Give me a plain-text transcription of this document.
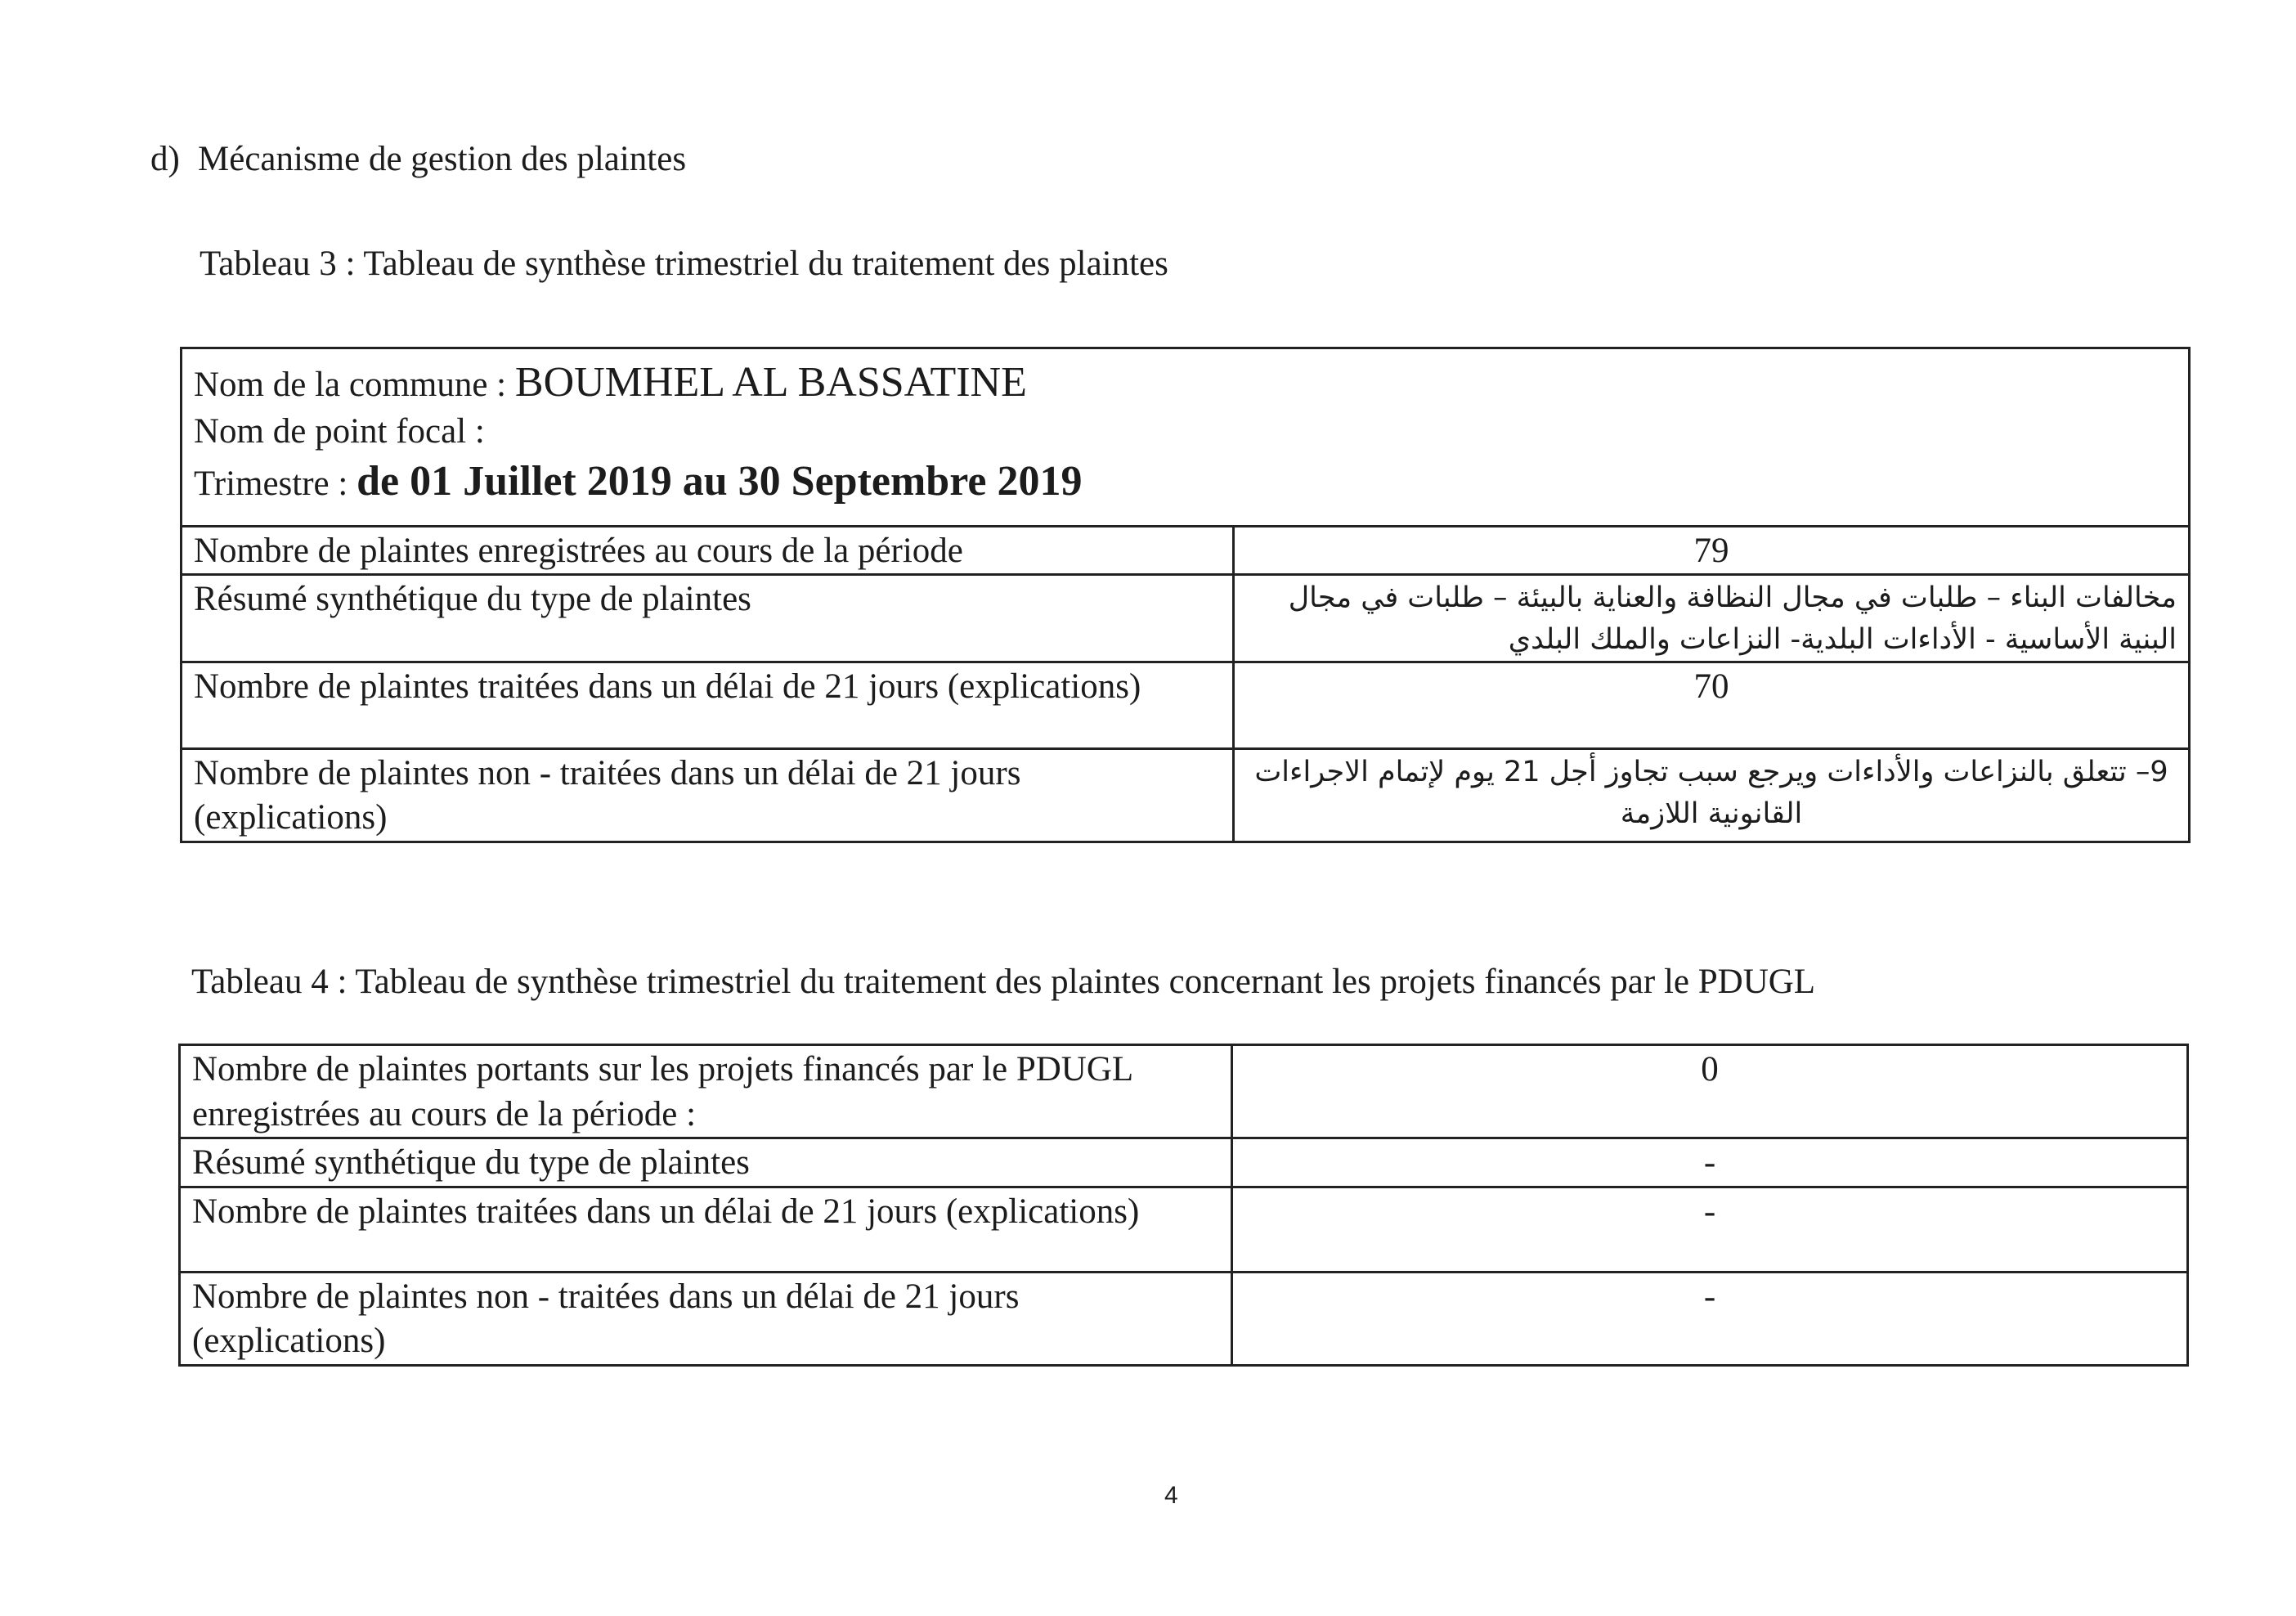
d) Mécanisme de gestion des plaintes
Tableau 3 : Tableau de synthèse trimestriel du traitement des plaintes
Nom de la commune : BOUMHEL AL BASSATINE
Nom de point focal :
Trimestre : de 01 Juillet 2019 au 30 Septembre 2019	

Nombre de plaintes enregistrées au cours de la période	79
Résumé synthétique du type de plaintes	مخالفات البناء – طلبات في مجال النظافة والعناية بالبيئة – طلبات في مجال البنية الأساسية - الأداءات البلدية- النزاعات والملك البلدي
Nombre de plaintes traitées dans un délai de 21 jours (explications)	70
Nombre de plaintes non - traitées dans un délai de 21 jours (explications)	9– تتعلق بالنزاعات والأداءات ويرجع سبب تجاوز أجل 21 يوم لإتمام الاجراءات القانونية اللازمة
Tableau 4 : Tableau de synthèse trimestriel du traitement des plaintes concernant les projets financés par le PDUGL
Nombre de plaintes portants sur les projets financés par le PDUGL enregistrées au cours de la période :	0
Résumé synthétique du type de plaintes	-
Nombre de plaintes traitées dans un délai de 21 jours (explications)	-
Nombre de plaintes non - traitées dans un délai de 21 jours (explications)	-
4
